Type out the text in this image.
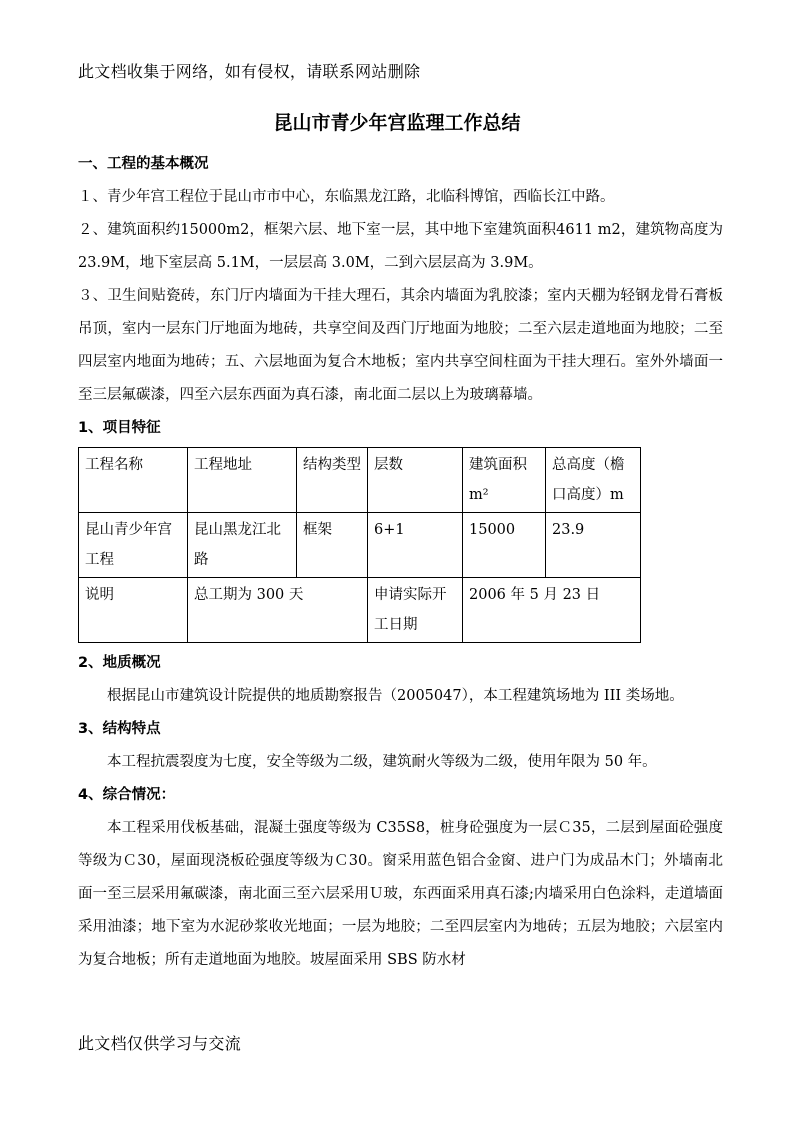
此文档收集于网络，如有侵权，请联系网站删除
昆山市青少年宫监理工作总结
一、工程的基本概况
１、青少年宫工程位于昆山市市中心，东临黑龙江路，北临科博馆，西临长江中路。
２、建筑面积约15000m2，框架六层、地下室一层，其中地下室建筑面积4611 m2，建筑物高度为 23.9M，地下室层高 5.1M，一层层高 3.0M，二到六层层高为 3.9M。
３、卫生间贴瓷砖，东门厅内墙面为干挂大理石，其余内墙面为乳胶漆；室内天棚为轻钢龙骨石膏板吊顶，室内一层东门厅地面为地砖，共享空间及西门厅地面为地胶；二至六层走道地面为地胶；二至四层室内地面为地砖；五、六层地面为复合木地板；室内共享空间柱面为干挂大理石。室外外墙面一至三层氟碳漆，四至六层东西面为真石漆，南北面二层以上为玻璃幕墙。
1、项目特征
工程名称	工程地址	结构类型	层数	建筑面积m²	总高度（檐口高度）m
昆山青少年宫工程	昆山黑龙江北路	框架	6+1	15000	23.9
说明	总工期为 300 天		申请实际开工日期	2006 年 5 月 23 日	
2、地质概况
根据昆山市建筑设计院提供的地质勘察报告（2005047），本工程建筑场地为 III 类场地。
3、结构特点
本工程抗震裂度为七度，安全等级为二级，建筑耐火等级为二级，使用年限为 50 年。
4、综合情况：
本工程采用伐板基础，混凝土强度等级为 C35S8，桩身砼强度为一层Ｃ35，二层到屋面砼强度等级为Ｃ30，屋面现浇板砼强度等级为Ｃ30。窗采用蓝色铝合金窗、进户门为成品木门；外墙南北面一至三层采用氟碳漆，南北面三至六层采用Ｕ玻，东西面采用真石漆;内墙采用白色涂料，走道墙面采用油漆；地下室为水泥砂浆收光地面；一层为地胶；二至四层室内为地砖；五层为地胶；六层室内为复合地板；所有走道地面为地胶。坡屋面采用 SBS 防水材
此文档仅供学习与交流
